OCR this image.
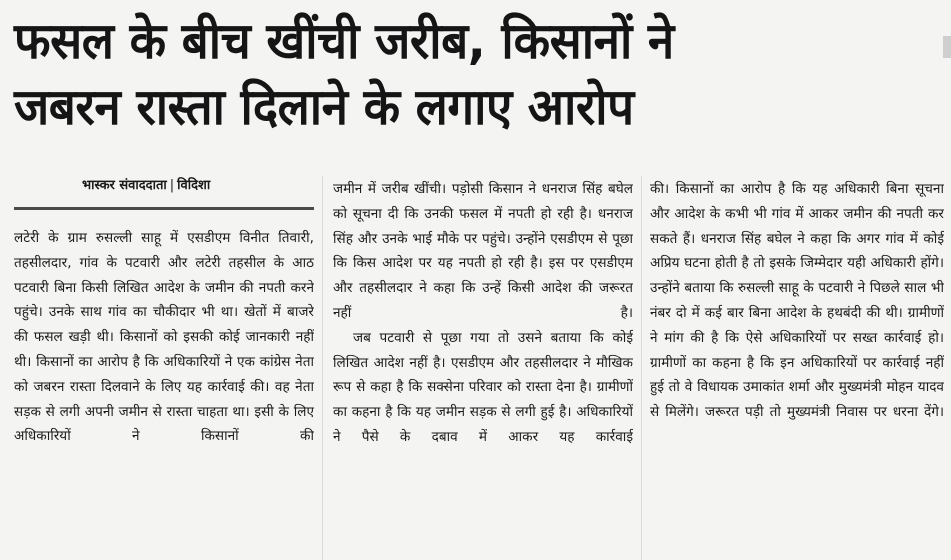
फसल के बीच खींची जरीब, किसानों ने
जबरन रास्ता दिलाने के लगाए आरोप
भास्कर संवाददाता | विदिशा

लटेरी के ग्राम रुसल्ली साहू में एसडीएम विनीत तिवारी, तहसीलदार, गांव के पटवारी और लटेरी तहसील के आठ पटवारी बिना किसी लिखित आदेश के जमीन की नपती करने पहुंचे। उनके साथ गांव का चौकीदार भी था। खेतों में बाजरे की फसल खड़ी थी। किसानों को इसकी कोई जानकारी नहीं थी। किसानों का आरोप है कि अधिकारियों ने एक कांग्रेस नेता को जबरन रास्ता दिलवाने के लिए यह कार्रवाई की। वह नेता सड़क से लगी अपनी जमीन से रास्ता चाहता था। इसी के लिए अधिकारियों ने किसानों की

जमीन में जरीब खींची। पड़ोसी किसान ने धनराज सिंह बघेल को सूचना दी कि उनकी फसल में नपती हो रही है। धनराज सिंह और उनके भाई मौके पर पहुंचे। उन्होंने एसडीएम से पूछा कि किस आदेश पर यह नपती हो रही है। इस पर एसडीएम और तहसीलदार ने कहा कि उन्हें किसी आदेश की जरूरत नहीं है।

जब पटवारी से पूछा गया तो उसने बताया कि कोई लिखित आदेश नहीं है। एसडीएम और तहसीलदार ने मौखिक रूप से कहा है कि सक्सेना परिवार को रास्ता देना है। ग्रामीणों का कहना है कि यह जमीन सड़क से लगी हुई है। अधिकारियों ने पैसे के दबाव में आकर यह कार्रवाई

की। किसानों का आरोप है कि यह अधिकारी बिना सूचना और आदेश के कभी भी गांव में आकर जमीन की नपती कर सकते हैं। धनराज सिंह बघेल ने कहा कि अगर गांव में कोई अप्रिय घटना होती है तो इसके जिम्मेदार यही अधिकारी होंगे। उन्होंने बताया कि रुसल्ली साहू के पटवारी ने पिछले साल भी नंबर दो में कई बार बिना आदेश के हथबंदी की थी। ग्रामीणों ने मांग की है कि ऐसे अधिकारियों पर सख्त कार्रवाई हो। ग्रामीणों का कहना है कि इन अधिकारियों पर कार्रवाई नहीं हुई तो वे विधायक उमाकांत शर्मा और मुख्यमंत्री मोहन यादव से मिलेंगे। जरूरत पड़ी तो मुख्यमंत्री निवास पर धरना देंगे।
